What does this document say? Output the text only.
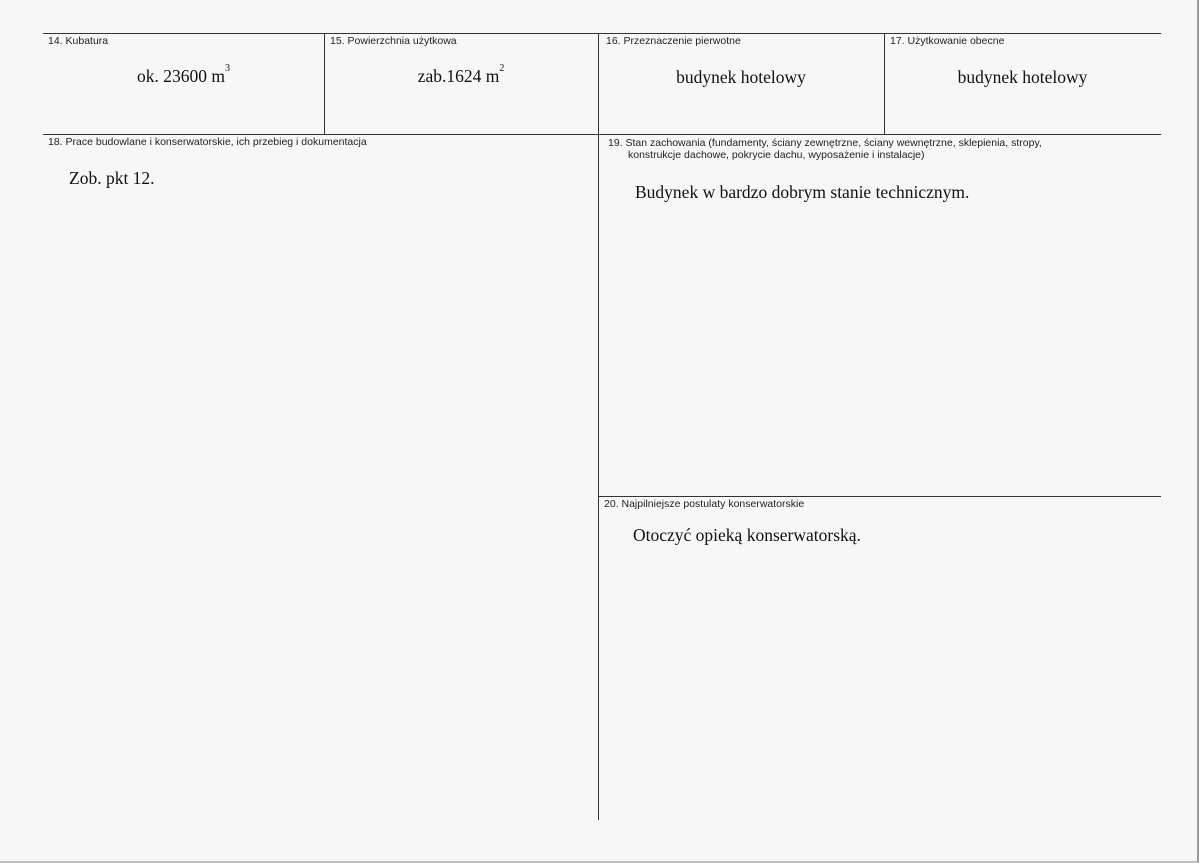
14. Kubatura
ok. 23600 $m^3$
15. Powierzchnia użytkowa
zab.1624 $m^2$
16. Przeznaczenie pierwotne
budynek hotelowy
17. Użytkowanie obecne
budynek hotelowy
18. Prace budowlane i konserwatorskie, ich przebieg i dokumentacja
Zob. pkt 12.
19. Stan zachowania (fundamenty, ściany zewnętrzne, ściany wewnętrzne, sklepienia, stropy,
konstrukcje dachowe, pokrycie dachu, wyposażenie i instalacje)
Budynek w bardzo dobrym stanie technicznym.
20. Najpilniejsze postulaty konserwatorskie
Otoczyć opieką konserwatorską.
